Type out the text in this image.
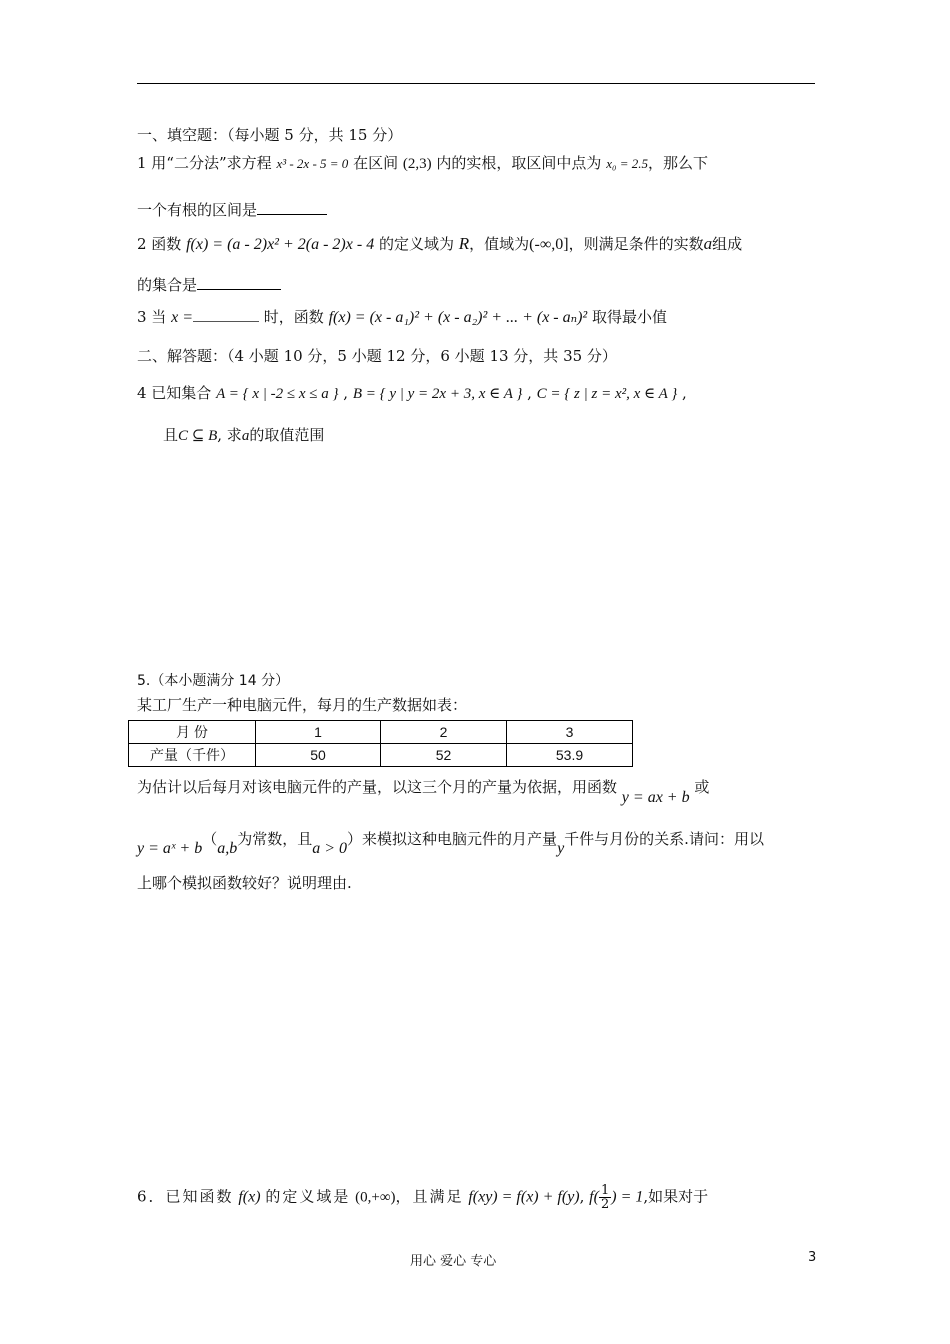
一、填空题：（每小题 5 分，共 15 分）
1 用“二分法”求方程 x³ - 2x - 5 = 0 在区间 (2,3) 内的实根，取区间中点为 x₀ = 2.5，那么下
一个有根的区间是
2 函数 f(x) = (a - 2)x² + 2(a - 2)x - 4 的定义域为 R，值域为(-∞,0]，则满足条件的实数a组成
的集合是
3 当 x =	时，函数 f(x) = (x - a₁)² + (x - a₂)² + ... + (x - aₙ)² 取得最小值
二、解答题：（4 小题 10 分，5 小题 12 分，6 小题 13 分，共 35 分）
4 已知集合 A = { x | -2 ≤ x ≤ a } , B = { y | y = 2x + 3, x ∈ A } , C = { z | z = x², x ∈ A } ,
且C ⊆ B, 求a的取值范围
5.（本小题满分 14 分）
某工厂生产一种电脑元件，每月的生产数据如表：
月 份	1	2	3
产量（千件）	50	52	53.9
为估计以后每月对该电脑元件的产量，以这三个月的产量为依据，用函数 y = ax + b 或
y = aˣ + b（a,b为常数，且a > 0）来模拟这种电脑元件的月产量y千件与月份的关系.请问：用以
上哪个模拟函数较好？说明理由.
6．已知函数 f(x) 的定义域是 (0,+∞)，且满足 f(xy) = f(x) + f(y), $f( \frac{1}{2}$ ) = 1,如果对于
用心 爱心 专心	3
